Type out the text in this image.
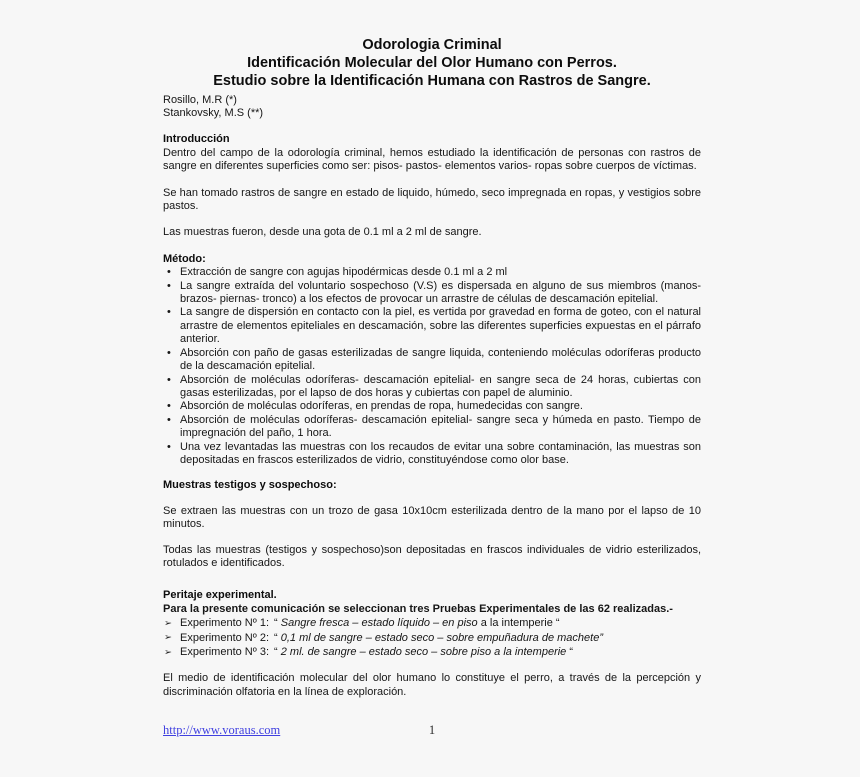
Odorologia Criminal
Identificación Molecular del Olor Humano con Perros.
Estudio sobre la Identificación Humana con Rastros de Sangre.
Rosillo, M.R (*)
Stankovsky, M.S (**)
Introducción

Dentro del campo de la odorología criminal, hemos estudiado la identificación de personas con rastros de sangre en diferentes superficies como ser: pisos- pastos- elementos varios- ropas sobre cuerpos de víctimas.

Se han tomado rastros de sangre en estado de liquido, húmedo, seco impregnada en ropas, y vestigios sobre pastos.

Las muestras fueron, desde una gota de 0.1 ml a 2 ml de sangre.

Método:
• Extracción de sangre con agujas hipodérmicas desde 0.1 ml a 2 ml
• La sangre extraída del voluntario sospechoso (V.S) es dispersada en alguno de sus miembros (manos- brazos- piernas- tronco) a los efectos de provocar un arrastre de células de descamación epitelial.
• La sangre de dispersión en contacto con la piel, es vertida por gravedad en forma de goteo, con el natural arrastre de elementos epiteliales en descamación, sobre las diferentes superficies expuestas en el párrafo anterior.
• Absorción con paño de gasas esterilizadas de sangre liquida, conteniendo moléculas odoríferas producto de la descamación epitelial.
• Absorción de moléculas odoríferas- descamación epitelial- en sangre seca de 24 horas, cubiertas con gasas esterilizadas, por el lapso de dos horas y cubiertas con papel de aluminio.
• Absorción de moléculas odoríferas, en prendas de ropa, humedecidas con sangre.
• Absorción de moléculas odoríferas- descamación epitelial- sangre seca y húmeda en pasto. Tiempo de impregnación del paño, 1 hora.
• Una vez levantadas las muestras con los recaudos de evitar una sobre contaminación, las muestras son depositadas en frascos esterilizados de vidrio, constituyéndose como olor base.
Muestras testigos y sospechoso:

Se extraen las muestras con un trozo de gasa 10x10cm esterilizada dentro de la mano por el lapso de 10 minutos.

Todas las muestras (testigos y sospechoso)son depositadas en frascos individuales de vidrio esterilizados, rotulados e identificados.

Peritaje experimental.
Para la presente comunicación se seleccionan tres Pruebas Experimentales de las 62 realizadas.-
➢ Experimento Nº 1: “ Sangre fresca – estado líquido – en piso a la intemperie “
➢ Experimento Nº 2: “ 0,1 ml de sangre – estado seco – sobre empuñadura de machete”
➢ Experimento Nº 3: “ 2 ml. de sangre – estado seco – sobre piso a la intemperie “

El medio de identificación molecular del olor humano lo constituye el perro, a través de la percepción y discriminación olfatoria en la línea de exploración.

http://www.voraus.com	1
